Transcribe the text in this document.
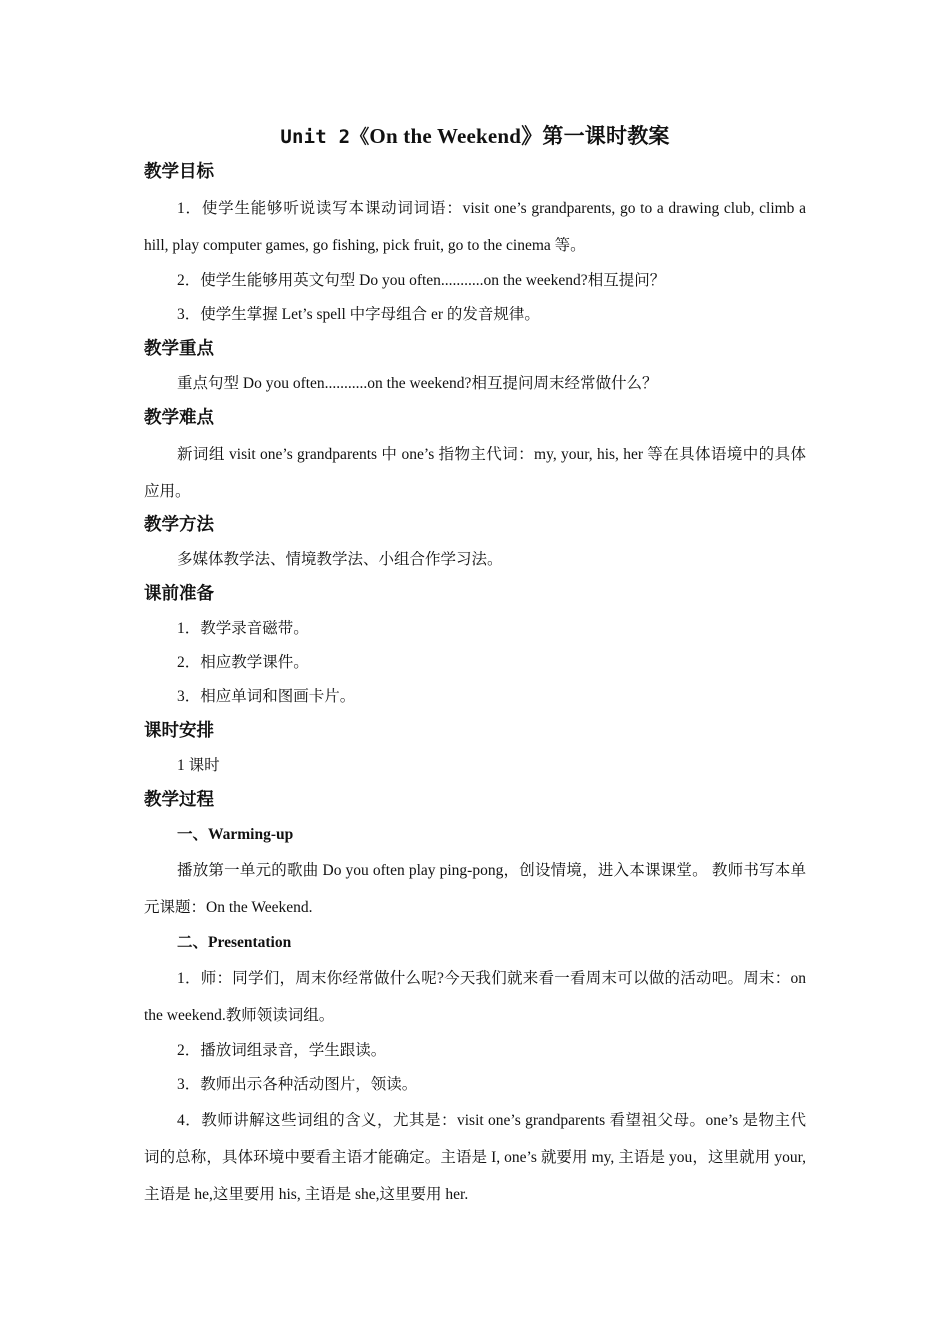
Unit 2《On the Weekend》第一课时教案
教学目标

1．使学生能够听说读写本课动词词语：visit one’s grandparents, go to a drawing club, climb a hill, play computer games, go fishing, pick fruit, go to the cinema 等。

2．使学生能够用英文句型 Do you often...........on the weekend?相互提问？

3．使学生掌握 Let’s spell 中字母组合 er 的发音规律。

教学重点

重点句型 Do you often...........on the weekend?相互提问周末经常做什么？

教学难点

新词组 visit one’s grandparents 中 one’s 指物主代词：my, your, his, her 等在具体语境中的具体应用。

教学方法

多媒体教学法、情境教学法、小组合作学习法。

课前准备

1．教学录音磁带。

2．相应教学课件。

3．相应单词和图画卡片。

课时安排

1 课时

教学过程

一、Warming-up

播放第一单元的歌曲 Do you often play ping-pong，创设情境，进入本课课堂。 教师书写本单元课题：On the Weekend.

二、Presentation

1．师：同学们，周末你经常做什么呢?今天我们就来看一看周末可以做的活动吧。周末：on the weekend.教师领读词组。

2．播放词组录音，学生跟读。

3．教师出示各种活动图片，领读。

4．教师讲解这些词组的含义，尤其是：visit one’s grandparents 看望祖父母。one’s 是物主代词的总称，具体环境中要看主语才能确定。主语是 I, one’s 就要用 my, 主语是 you，这里就用 your, 主语是 he,这里要用 his, 主语是 she,这里要用 her.
